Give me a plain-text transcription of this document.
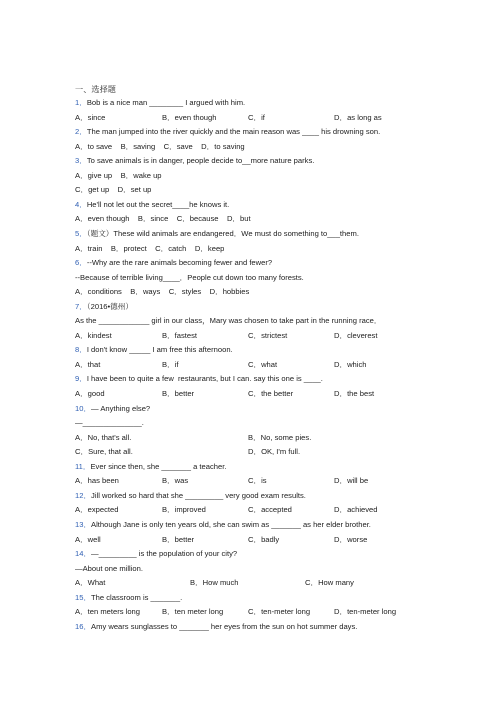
一、选择题
1．Bob is a nice man ________ I argued with him.
A．since	B．even though	C．if	D．as long as
2．The man jumped into the river quickly and the main reason was ____ his drowning son.
A．to save    B．saving    C．save    D．to saving
3．To save animals is in danger, people decide to__more nature parks.
A．give up    B．wake up
C．get up    D．set up
4．He'll not let out the secret____he knows it.
A．even though    B．since    C．because    D．but
5．（题文）These wild animals are endangered．We must do something to___them.
A．train    B．protect    C．catch    D．keep
6．--Why are the rare animals becoming fewer and fewer?
--Because of terrible living____．People cut down too many forests.
A．conditions    B．ways    C．styles    D．hobbies
7．（2016•德州）
As the ____________ girl in our class，Mary was chosen to take part in the running race．
A．kindest	B．fastest	C．strictest	D．cleverest
8．I don't know _____ I am free this afternoon.
A．that	B．if	C．what	D．which
9．I have been to quite a few  restaurants, but I can. say this one is ____.
A．good	B．better	C．the better	D．the best
10．— Anything else?
—______________.
A．No, that's all.	B．No, some pies.
C．Sure, that all.	D．OK, I'm full.
11．Ever since then, she _______ a teacher.
A．has been	B．was	C．is	D．will be
12．Jill worked so hard that she _________ very good exam results.
A．expected	B．improved	C．accepted	D．achieved
13．Although Jane is only ten years old, she can swim as _______ as her elder brother.
A．well	B．better	C．badly	D．worse
14．—_________ is the population of your city?
—About one million.
A．What	B．How much	C．How many
15．The classroom is _______.
A．ten meters long	B．ten meter long	C．ten-meter long	D．ten-meter long
16．Amy wears sunglasses to _______ her eyes from the sun on hot summer days.
